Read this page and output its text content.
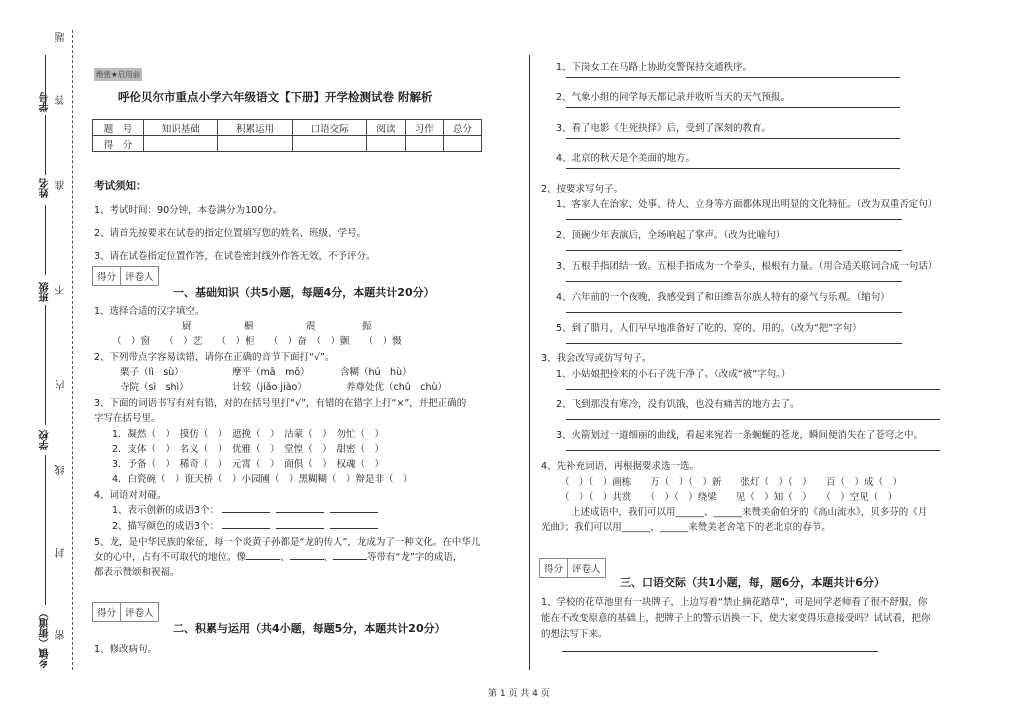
题
学号 答
姓名 准
班级 不
内
学校
线
封
乡镇（街道） 密
绝密★启用前
呼伦贝尔市重点小学六年级语文【下册】开学检测试卷 附解析
题　号	知识基础	积累运用	口语交际	阅读	习作	总分
得　分						
考试须知：
1、考试时间：90分钟，本卷满分为100分。
2、请首先按要求在试卷的指定位置填写您的姓名、班级、学号。
3、请在试卷指定位置作答，在试卷密封线外作答无效，不予评分。
得分 评卷人
一、基础知识（共5小题，每题4分，本题共计20分）
1、选择合适的汉字填空。
厨	橱	震	振
（　）窗　　（　）艺　　（　）柜　　（　）奋　（　）颤　　（　）慑
2、下列带点字容易读错，请你在正确的音节下面打“√”。
栗子（lì　sù）	摩平（mā　mō）	含糊（hú　hù）
寺院（sì　shì）	计较（jiǎo jiào）	养尊处优（chǔ　chù）
3、下面的词语书写有对有错，对的在括号里打“√”，有错的在错字上打“×”，并把正确的
字写在括号里。
1．凝然（　）　摸仿（　）　遮挽（　）　沽蒙（　）　勿忙（　）
2．支体（　）　名义（　）　优雅（　）　堂惶（　）　甜密（　）
3．予备（　）　稀奇（　）　元霄（　）　面俱（　）　权魂（　）
4．白瓷碗（　）诳天桥（　）小园圃（　）黑糊糊（　）辩是非（　）
4、词语对对碰。
1、表示创新的成语3个：
2、描写颜色的成语3个：
5、龙，是中华民族的象征，每一个炎黄子孙都是“龙的传人”，龙成为了一种文化。在中华儿
女的心中，占有不可取代的地位。像	、	、	等带有“龙”字的成语，
都表示赞颂和祝福。
得分 评卷人
二、积累与运用（共4小题，每题5分，本题共计20分）
1、修改病句。
1、下岗女工在马路上协助交警保持交通秩序。
2、气象小组的同学每天都记录并收听当天的天气预报。
3、看了电影《生死抉择》后，受到了深刻的教育。
4、北京的秋天是个美面的地方。
2、按要求写句子。
1、客家人在治家、处事、待人、立身等方面都体现出明显的文化特征。（改为双重否定句）
2、顶碗少年表演后，全场响起了掌声。（改为比喻句）
3、五根手指团结一致。五根手指成为一个拳头，根根有力量。（用合适关联词合成一句话）
4、六年前的一个夜晚，我感受到了和田维吾尔族人特有的豪气与乐观。（缩句）
5、到了腊月，人们早早地准备好了吃的、穿的、用的。（改为“把”字句）
3、我会改写或仿写句子。
1、小姑娘把捡来的小石子洗干净了。（改成“被”字句。）
2、飞到那没有寒冷，没有饥饿，也没有痛苦的地方去了。
3、火箭划过一道细丽的曲线，看起来宛若一条蜿蜒的苍龙，瞬间便消失在了苍穹之中。
4、先补充词语，再根据要求选一选。
（　）（　）画栋　　万（　）（　）新　　张灯（　）（　）　　百（　）成（　）
（　）（　）共赏　　（　）（　）绕梁　　见（　）知（　）　　（　）空见（　）
上述成语中，我们可以用______、______来赞美俞伯牙的《高山流水》，贝多芬的《月
光曲》；我们可以用______、______来赞美老舍笔下的老北京的春节。
得分 评卷人
三、口语交际（共1小题，每，题6分，本题共计6分）
1、学校的花草池里有一块牌子，上边写着“禁止摘花踏草”，可是同学老师看了很不舒服，你
能在不改变原意的基础上，把牌子上的警示语换一下，使大家变得乐意接受吗？试试看，把你
的想法写下来。
第 1 页 共 4 页
